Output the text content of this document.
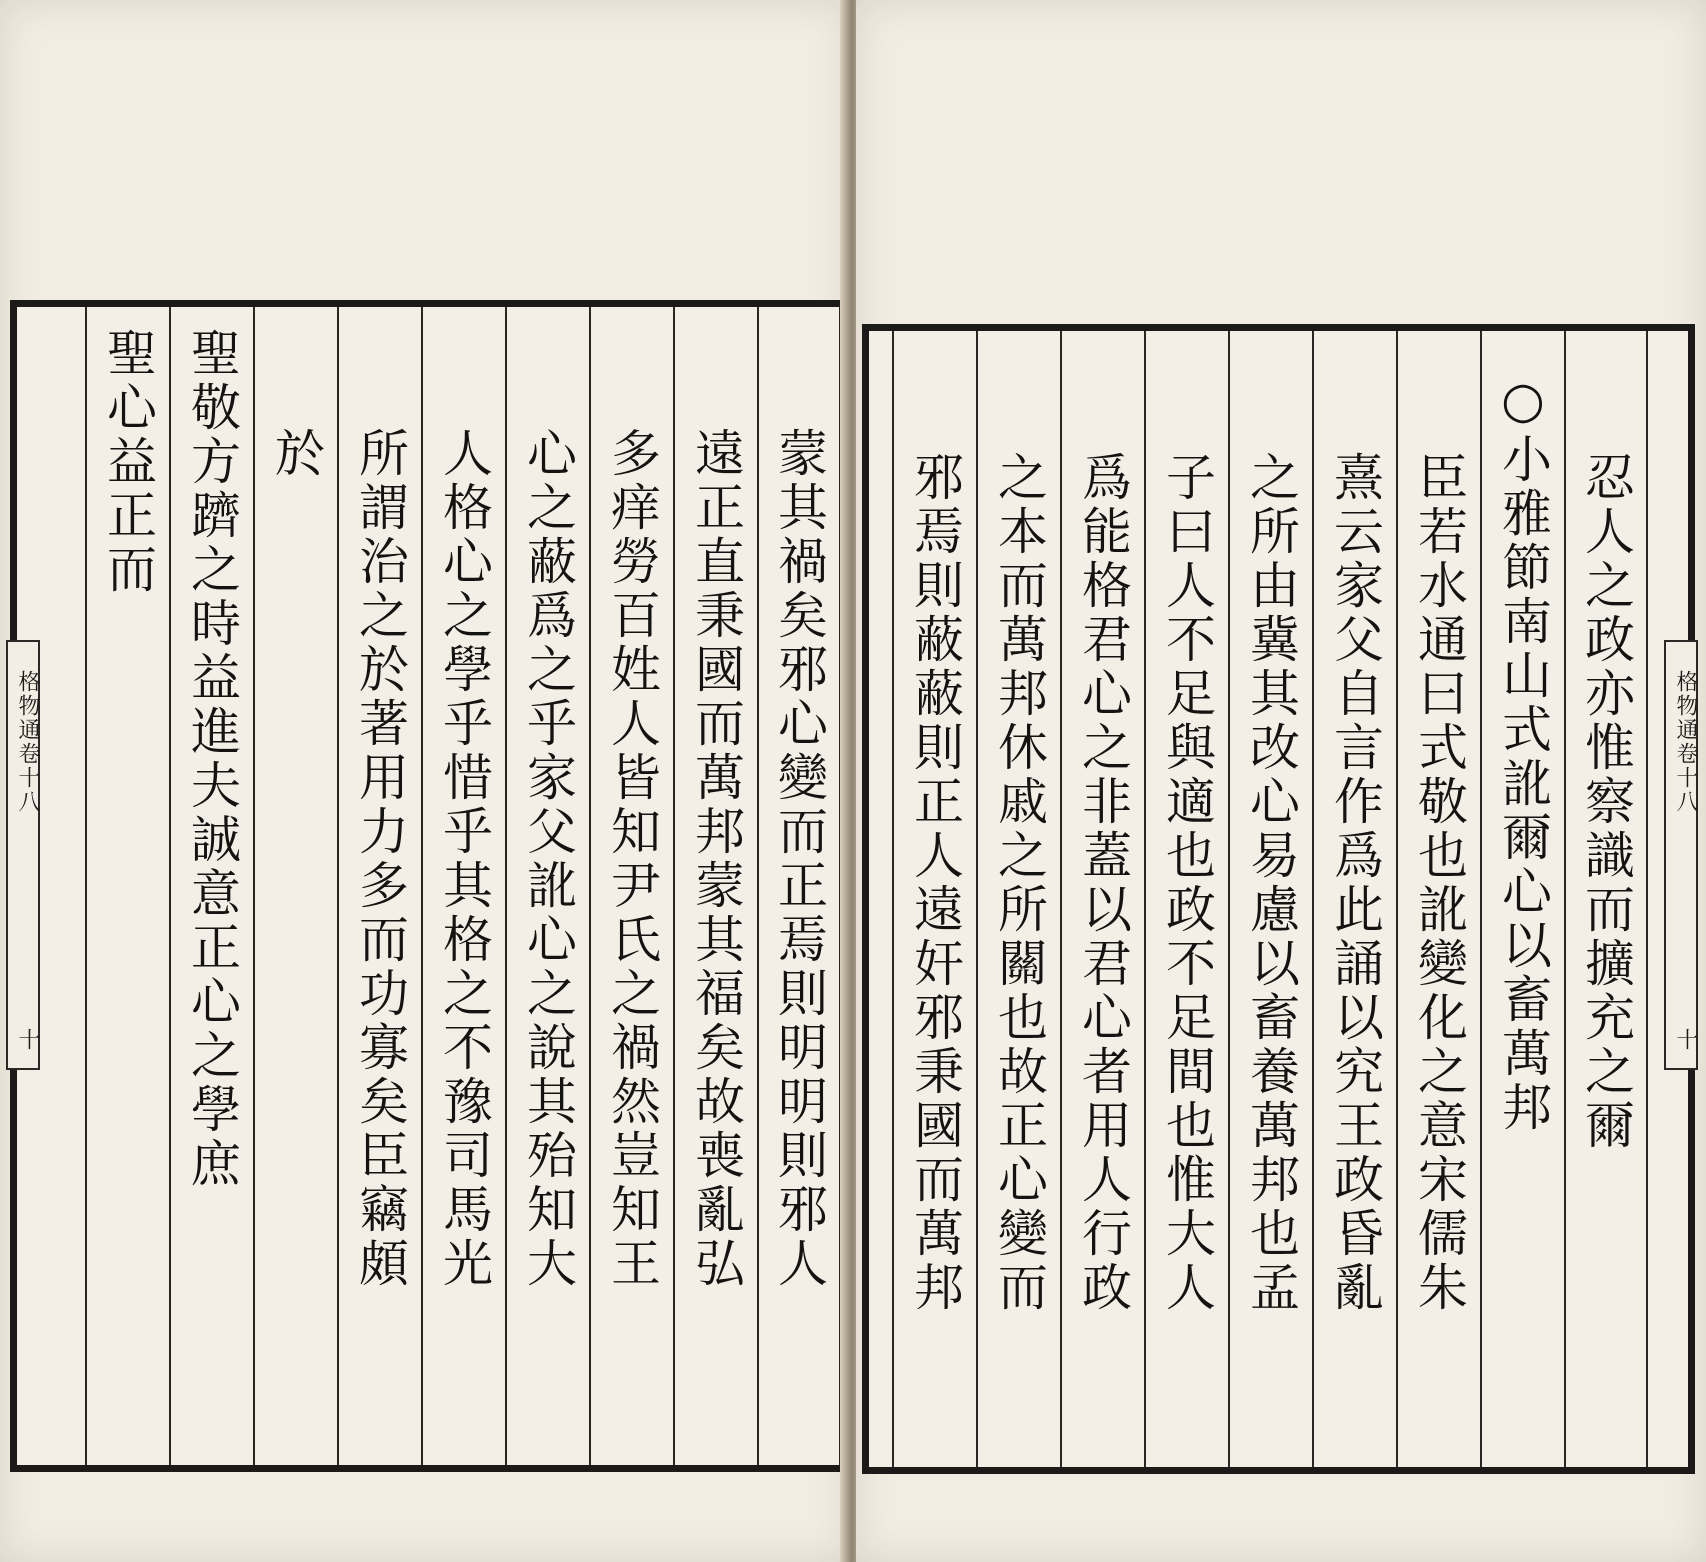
蒙其禍矣邪心變而正焉則明明則邪人
遠正直秉國而萬邦蒙其福矣故喪亂弘
多痒勞百姓人皆知尹氏之禍然豈知王
心之蔽爲之乎家父訛心之說其殆知大
人格心之學乎惜乎其格之不豫司馬光
所謂治之於著用力多而功寡矣臣竊頗
於
聖敬方躋之時益進夫誠意正心之學庶
聖心益正而
格物通卷十八
十	忍人之政亦惟察識而擴充之爾
○小雅節南山式訛爾心以畜萬邦
臣若水通曰式敬也訛變化之意宋儒朱
熹云家父自言作爲此誦以究王政昏亂
之所由冀其改心易慮以畜養萬邦也孟
子曰人不足與適也政不足間也惟大人
爲能格君心之非蓋以君心者用人行政
之本而萬邦休戚之所關也故正心變而
邪焉則蔽蔽則正人遠奸邪秉國而萬邦	格物通卷十八
十
